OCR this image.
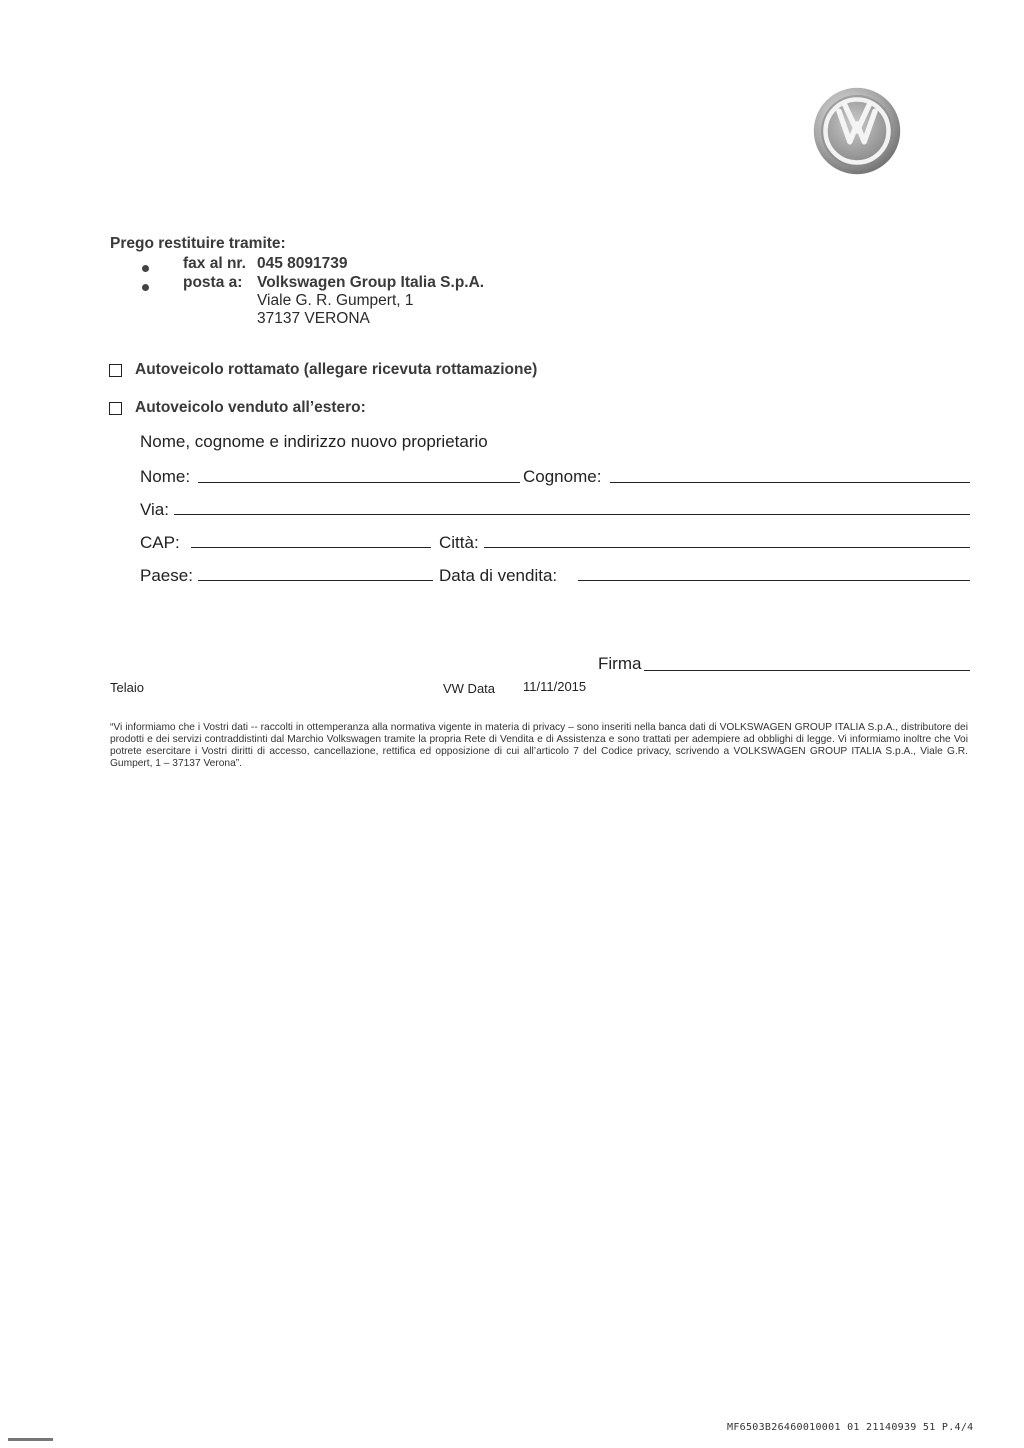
Prego restituire tramite:
fax al nr. 045 8091739
posta a: Volkswagen Group Italia S.p.A.
Viale G. R. Gumpert, 1
37137 VERONA
Autoveicolo rottamato (allegare ricevuta rottamazione)
Autoveicolo venduto all’estero:
Nome, cognome e indirizzo nuovo proprietario
Nome:	Cognome:
Via:
CAP:	Città:
Paese:	Data di vendita:
Firma
Telaio	VW Data 11/11/2015
“Vi informiamo che i Vostri dati -- raccolti in ottemperanza alla normativa vigente in materia di privacy – sono inseriti nella banca dati di VOLKSWAGEN GROUP ITALIA S.p.A., distributore dei prodotti e dei servizi contraddistinti dal Marchio Volkswagen tramite la propria Rete di Vendita e di Assistenza e sono trattati per adempiere ad obblighi di legge. Vi informiamo inoltre che Voi potrete esercitare i Vostri diritti di accesso, cancellazione, rettifica ed opposizione di cui all’articolo 7 del Codice privacy, scrivendo a VOLKSWAGEN GROUP ITALIA S.p.A., Viale G.R. Gumpert, 1 – 37137 Verona”.
MF6503B26460010001 01 21140939 51 P.4/4
